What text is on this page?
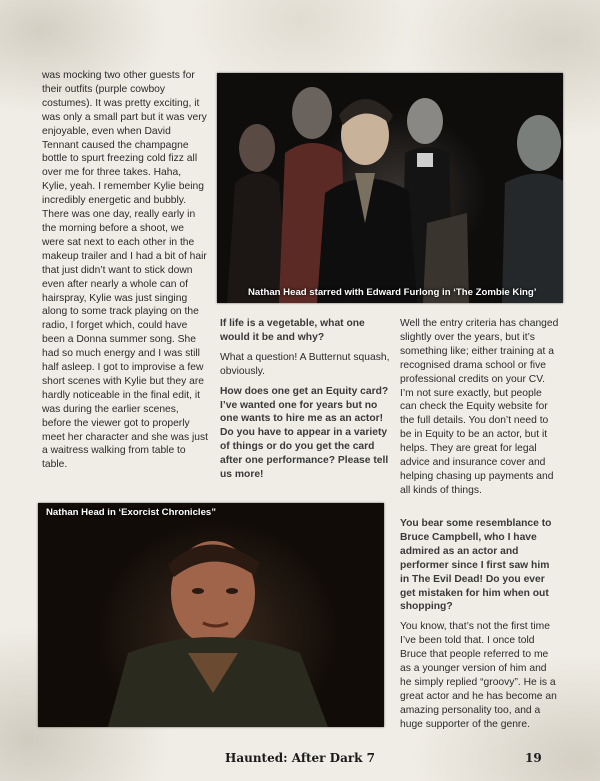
was mocking two other guests for their outfits (purple cowboy costumes). It was pretty exciting, it was only a small part but it was very enjoyable, even when David Tennant caused the champagne bottle to spurt freezing cold fizz all over me for three takes. Haha, Kylie, yeah. I remember Kylie being incredibly energetic and bubbly. There was one day, really early in the morning before a shoot, we were sat next to each other in the makeup trailer and I had a bit of hair that just didn’t want to stick down even after nearly a whole can of hairspray, Kylie was just singing along to some track playing on the radio, I forget which, could have been a Donna summer song. She had so much energy and I was still half asleep. I got to improvise a few short scenes with Kylie but they are hardly noticeable in the final edit, it was during the earlier scenes, before the viewer got to properly meet her character and she was just a waitress walking from table to table.

Nathan Head starred with Edward Furlong in ‘The Zombie King’

If life is a vegetable, what one would it be and why?

What a question! A Butternut squash, obviously.

How does one get an Equity card? I’ve wanted one for years but no one wants to hire me as an actor! Do you have to appear in a variety of things or do you get the card after one performance? Please tell us more!

Well the entry criteria has changed slightly over the years, but it’s something like; either training at a recognised drama school or five professional credits on your CV. I’m not sure exactly, but people can check the Equity website for the full details. You don’t need to be in Equity to be an actor, but it helps. They are great for legal advice and insurance cover and helping chasing up payments and all kinds of things.

You bear some resemblance to Bruce Campbell, who I have admired as an actor and performer since I first saw him in The Evil Dead! Do you ever get mistaken for him when out shopping?

You know, that’s not the first time I’ve been told that. I once told Bruce that people referred to me as a younger version of him and he simply replied “groovy”. He is a great actor and he has become an amazing personality too, and a huge supporter of the genre.

Nathan Head in ‘Exorcist Chronicles”
Haunted: After Dark 7	19
